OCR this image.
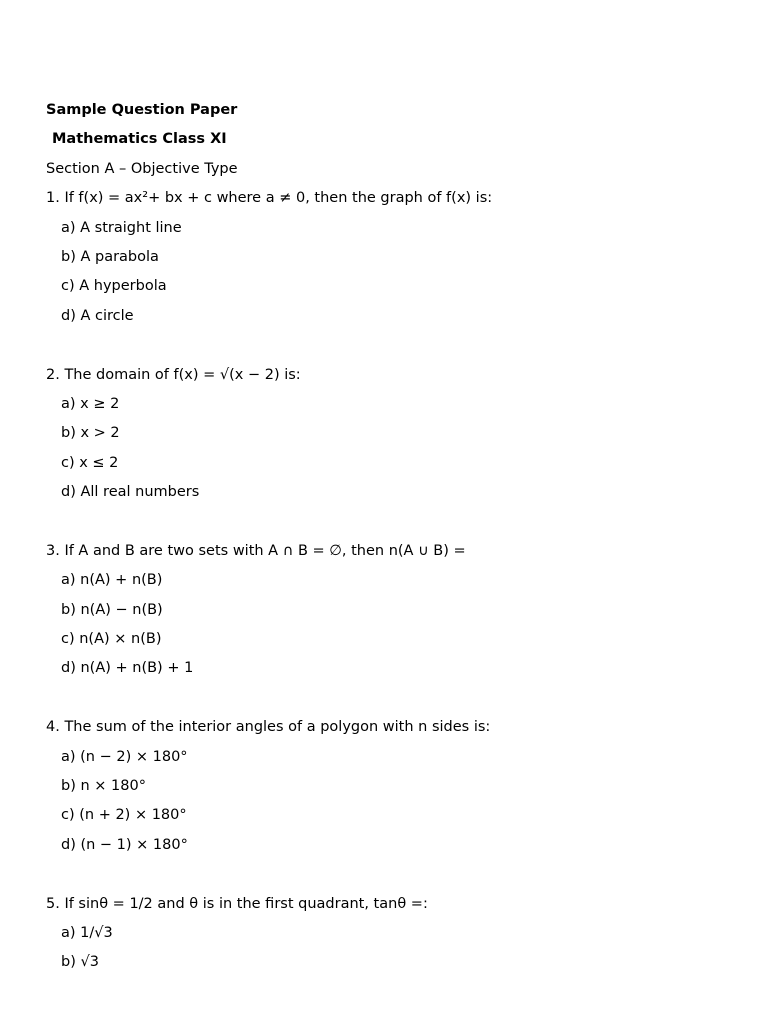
Sample Question Paper
Mathematics Class XI
Section A – Objective Type
1. If f(x) = ax²+ bx + c where a ≠ 0, then the graph of f(x) is:
a) A straight line
b) A parabola
c) A hyperbola
d) A circle
2. The domain of f(x) = √(x − 2) is:
a) x ≥ 2
b) x > 2
c) x ≤ 2
d) All real numbers
3. If A and B are two sets with A ∩ B = ∅, then n(A ∪ B) =
a) n(A) + n(B)
b) n(A) − n(B)
c) n(A) × n(B)
d) n(A) + n(B) + 1
4. The sum of the interior angles of a polygon with n sides is:
a) (n − 2) × 180°
b) n × 180°
c) (n + 2) × 180°
d) (n − 1) × 180°
5. If sinθ = 1/2 and θ is in the first quadrant, tanθ =:
a) 1/√3
b) √3
